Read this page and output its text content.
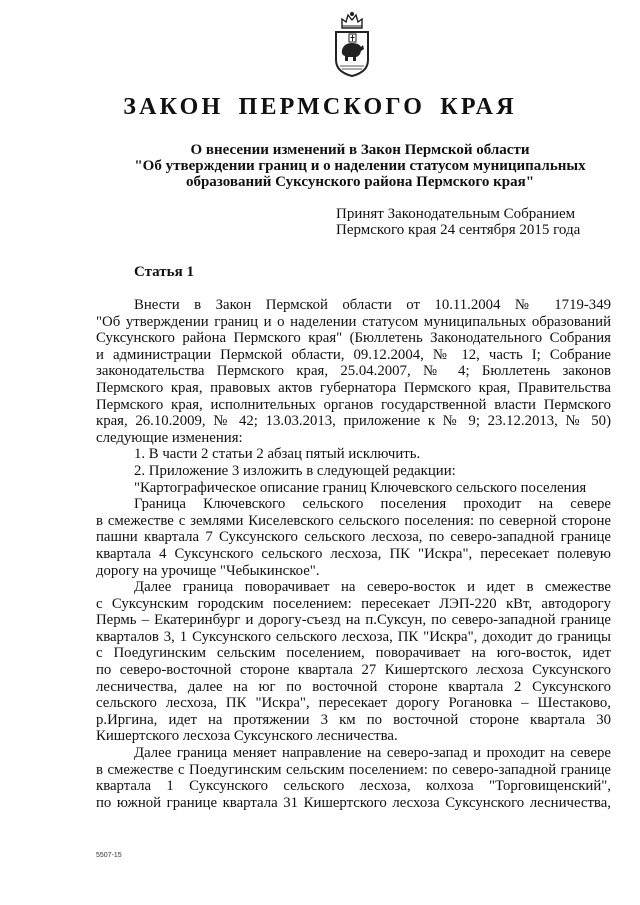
ЗАКОН ПЕРМСКОГО КРАЯ
О внесении изменений в Закон Пермской области
"Об утверждении границ и о наделении статусом муниципальных
образований Суксунского района Пермского края"
Принят Законодательным Собранием
Пермского края 24 сентября 2015 года
Статья 1

Внести в Закон Пермской области от 10.11.2004 № 1719-349

"Об утверждении границ и о наделении статусом муниципальных образований

Суксунского района Пермского края" (Бюллетень Законодательного Собрания

и администрации Пермской области, 09.12.2004, № 12, часть I; Собрание

законодательства Пермского края, 25.04.2007, № 4; Бюллетень законов

Пермского края, правовых актов губернатора Пермского края, Правительства

Пермского края, исполнительных органов государственной власти Пермского

края, 26.10.2009, № 42; 13.03.2013, приложение к № 9; 23.12.2013, № 50)

следующие изменения:

1. В части 2 статьи 2 абзац пятый исключить.

2. Приложение 3 изложить в следующей редакции:

"Картографическое описание границ Ключевского сельского поселения

Граница Ключевского сельского поселения проходит на севере

в смежестве с землями Киселевского сельского поселения: по северной стороне

пашни квартала 7 Суксунского сельского лесхоза, по северо-западной границе

квартала 4 Суксунского сельского лесхоза, ПК "Искра", пересекает полевую

дорогу на урочище "Чебыкинское".

Далее граница поворачивает на северо-восток и идет в смежестве

с Суксунским городским поселением: пересекает ЛЭП-220 кВт, автодорогу

Пермь – Екатеринбург и дорогу-съезд на п.Суксун, по северо-западной границе

кварталов 3, 1 Суксунского сельского лесхоза, ПК "Искра", доходит до границы

с Поедугинским сельским поселением, поворачивает на юго-восток, идет

по северо-восточной стороне квартала 27 Кишертского лесхоза Суксунского

лесничества, далее на юг по восточной стороне квартала 2 Суксунского

сельского лесхоза, ПК "Искра", пересекает дорогу Рогановка – Шестаково,

р.Иргина, идет на протяжении 3 км по восточной стороне квартала 30

Кишертского лесхоза Суксунского лесничества.

Далее граница меняет направление на северо-запад и проходит на севере

в смежестве с Поедугинским сельским поселением: по северо-западной границе

квартала 1 Суксунского сельского лесхоза, колхоза "Торговищенский",

по южной границе квартала 31 Кишертского лесхоза Суксунского лесничества,

5507-15
